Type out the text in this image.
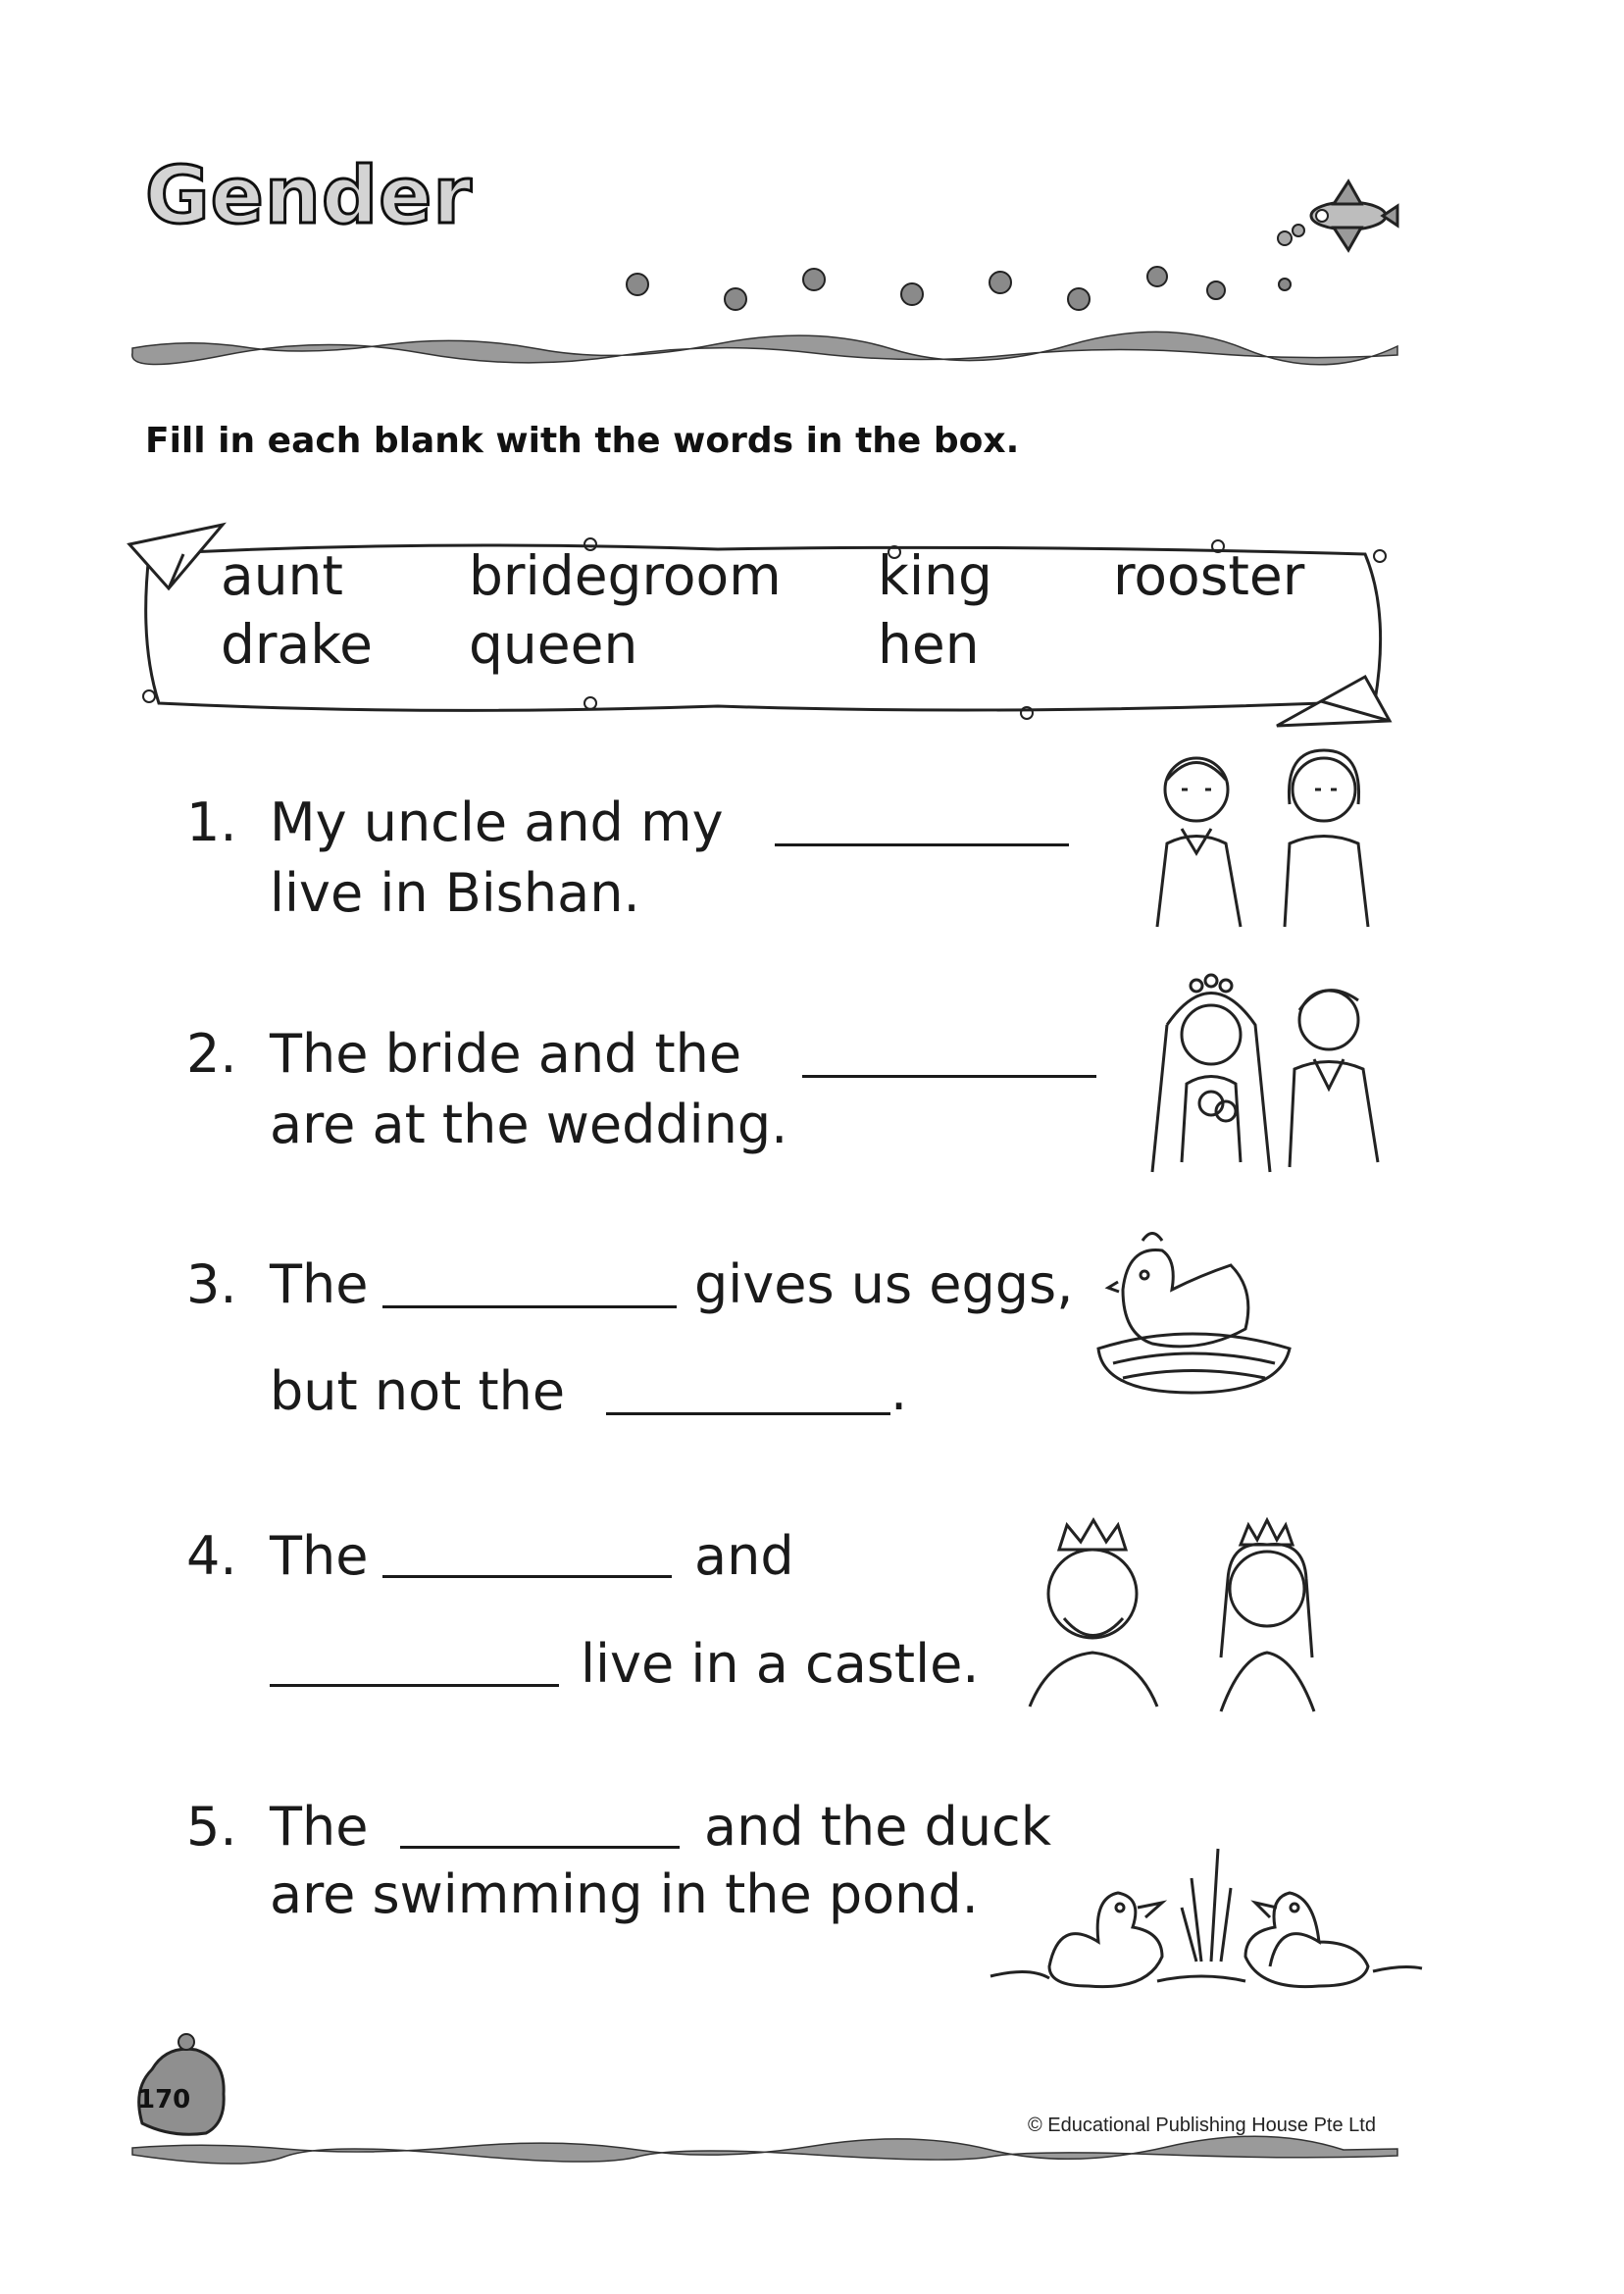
Gender
Fill in each blank with the words in the box.
aunt bridegroom king rooster
drake queen	hen
1. My uncle and my
live in Bishan.
2. The bride and the
are at the wedding.
3. The	gives us eggs,
but not the	.
4. The	and
live in a castle.
5. The	and the duck
are swimming in the pond.
170
© Educational Publishing House Pte Ltd
